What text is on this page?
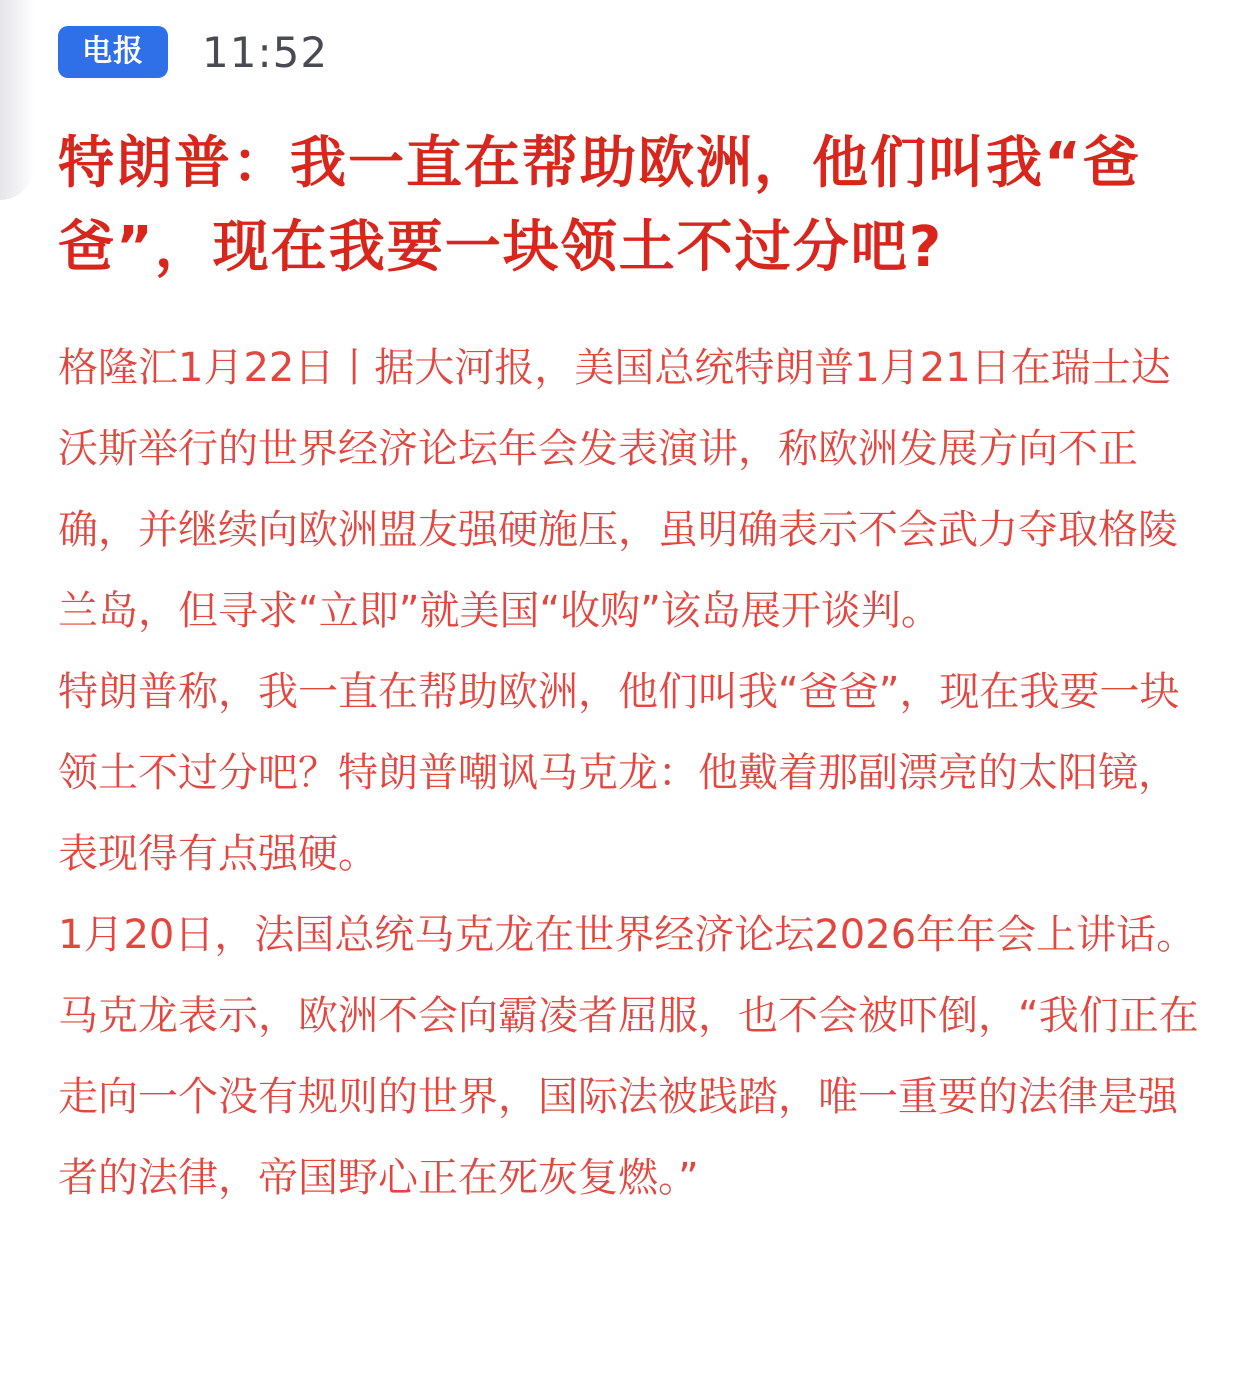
电报	11:52
特朗普：我一直在帮助欧洲，他们叫我“爸爸”，现在我要一块领土不过分吧?

格隆汇1月22日丨据大河报，美国总统特朗普1月21日在瑞士达沃斯举行的世界经济论坛年会发表演讲，称欧洲发展方向不正确，并继续向欧洲盟友强硬施压，虽明确表示不会武力夺取格陵兰岛，但寻求“立即”就美国“收购”该岛展开谈判。

特朗普称，我一直在帮助欧洲，他们叫我“爸爸”，现在我要一块领土不过分吧？特朗普嘲讽马克龙：他戴着那副漂亮的太阳镜，表现得有点强硬。

1月20日，法国总统马克龙在世界经济论坛2026年年会上讲话。马克龙表示，欧洲不会向霸凌者屈服，也不会被吓倒，“我们正在走向一个没有规则的世界，国际法被践踏，唯一重要的法律是强者的法律，帝国野心正在死灰复燃。”
